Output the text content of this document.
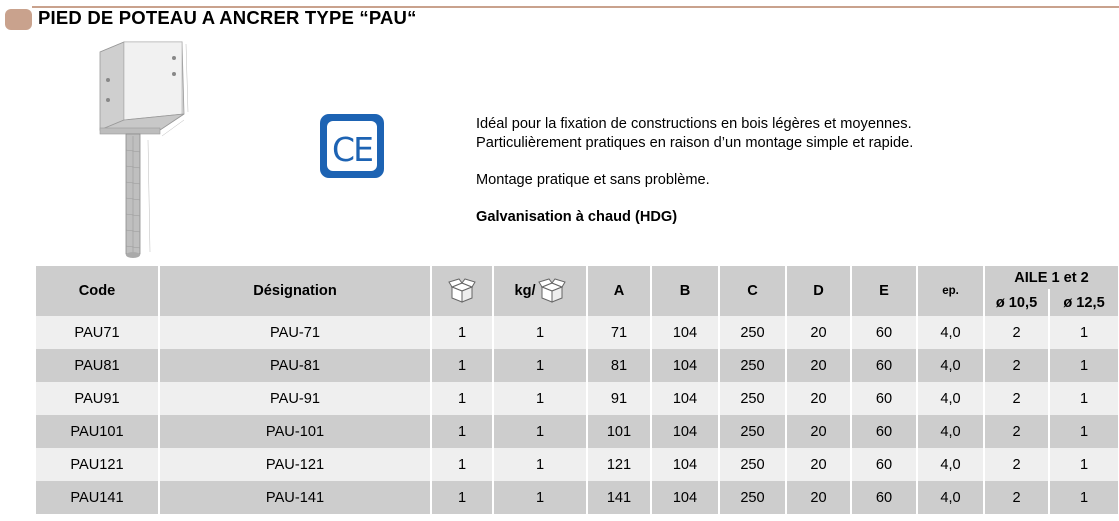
PIED DE POTEAU A ANCRER TYPE “PAU“
CE
Idéal pour la fixation de constructions en bois légères et moyennes.
Particulièrement pratiques en raison d’un montage simple et rapide.
Montage pratique et sans problème.
Galvanisation à chaud (HDG)
Code	Désignation		kg/	A	B	C	D	E	ep.	AILE 1 et 2	
										ø 10,5	ø 12,5
PAU71	PAU-71	1	1	71	104	250	20	60	4,0	2	1
PAU81	PAU-81	1	1	81	104	250	20	60	4,0	2	1
PAU91	PAU-91	1	1	91	104	250	20	60	4,0	2	1
PAU101	PAU-101	1	1	101	104	250	20	60	4,0	2	1
PAU121	PAU-121	1	1	121	104	250	20	60	4,0	2	1
PAU141	PAU-141	1	1	141	104	250	20	60	4,0	2	1
